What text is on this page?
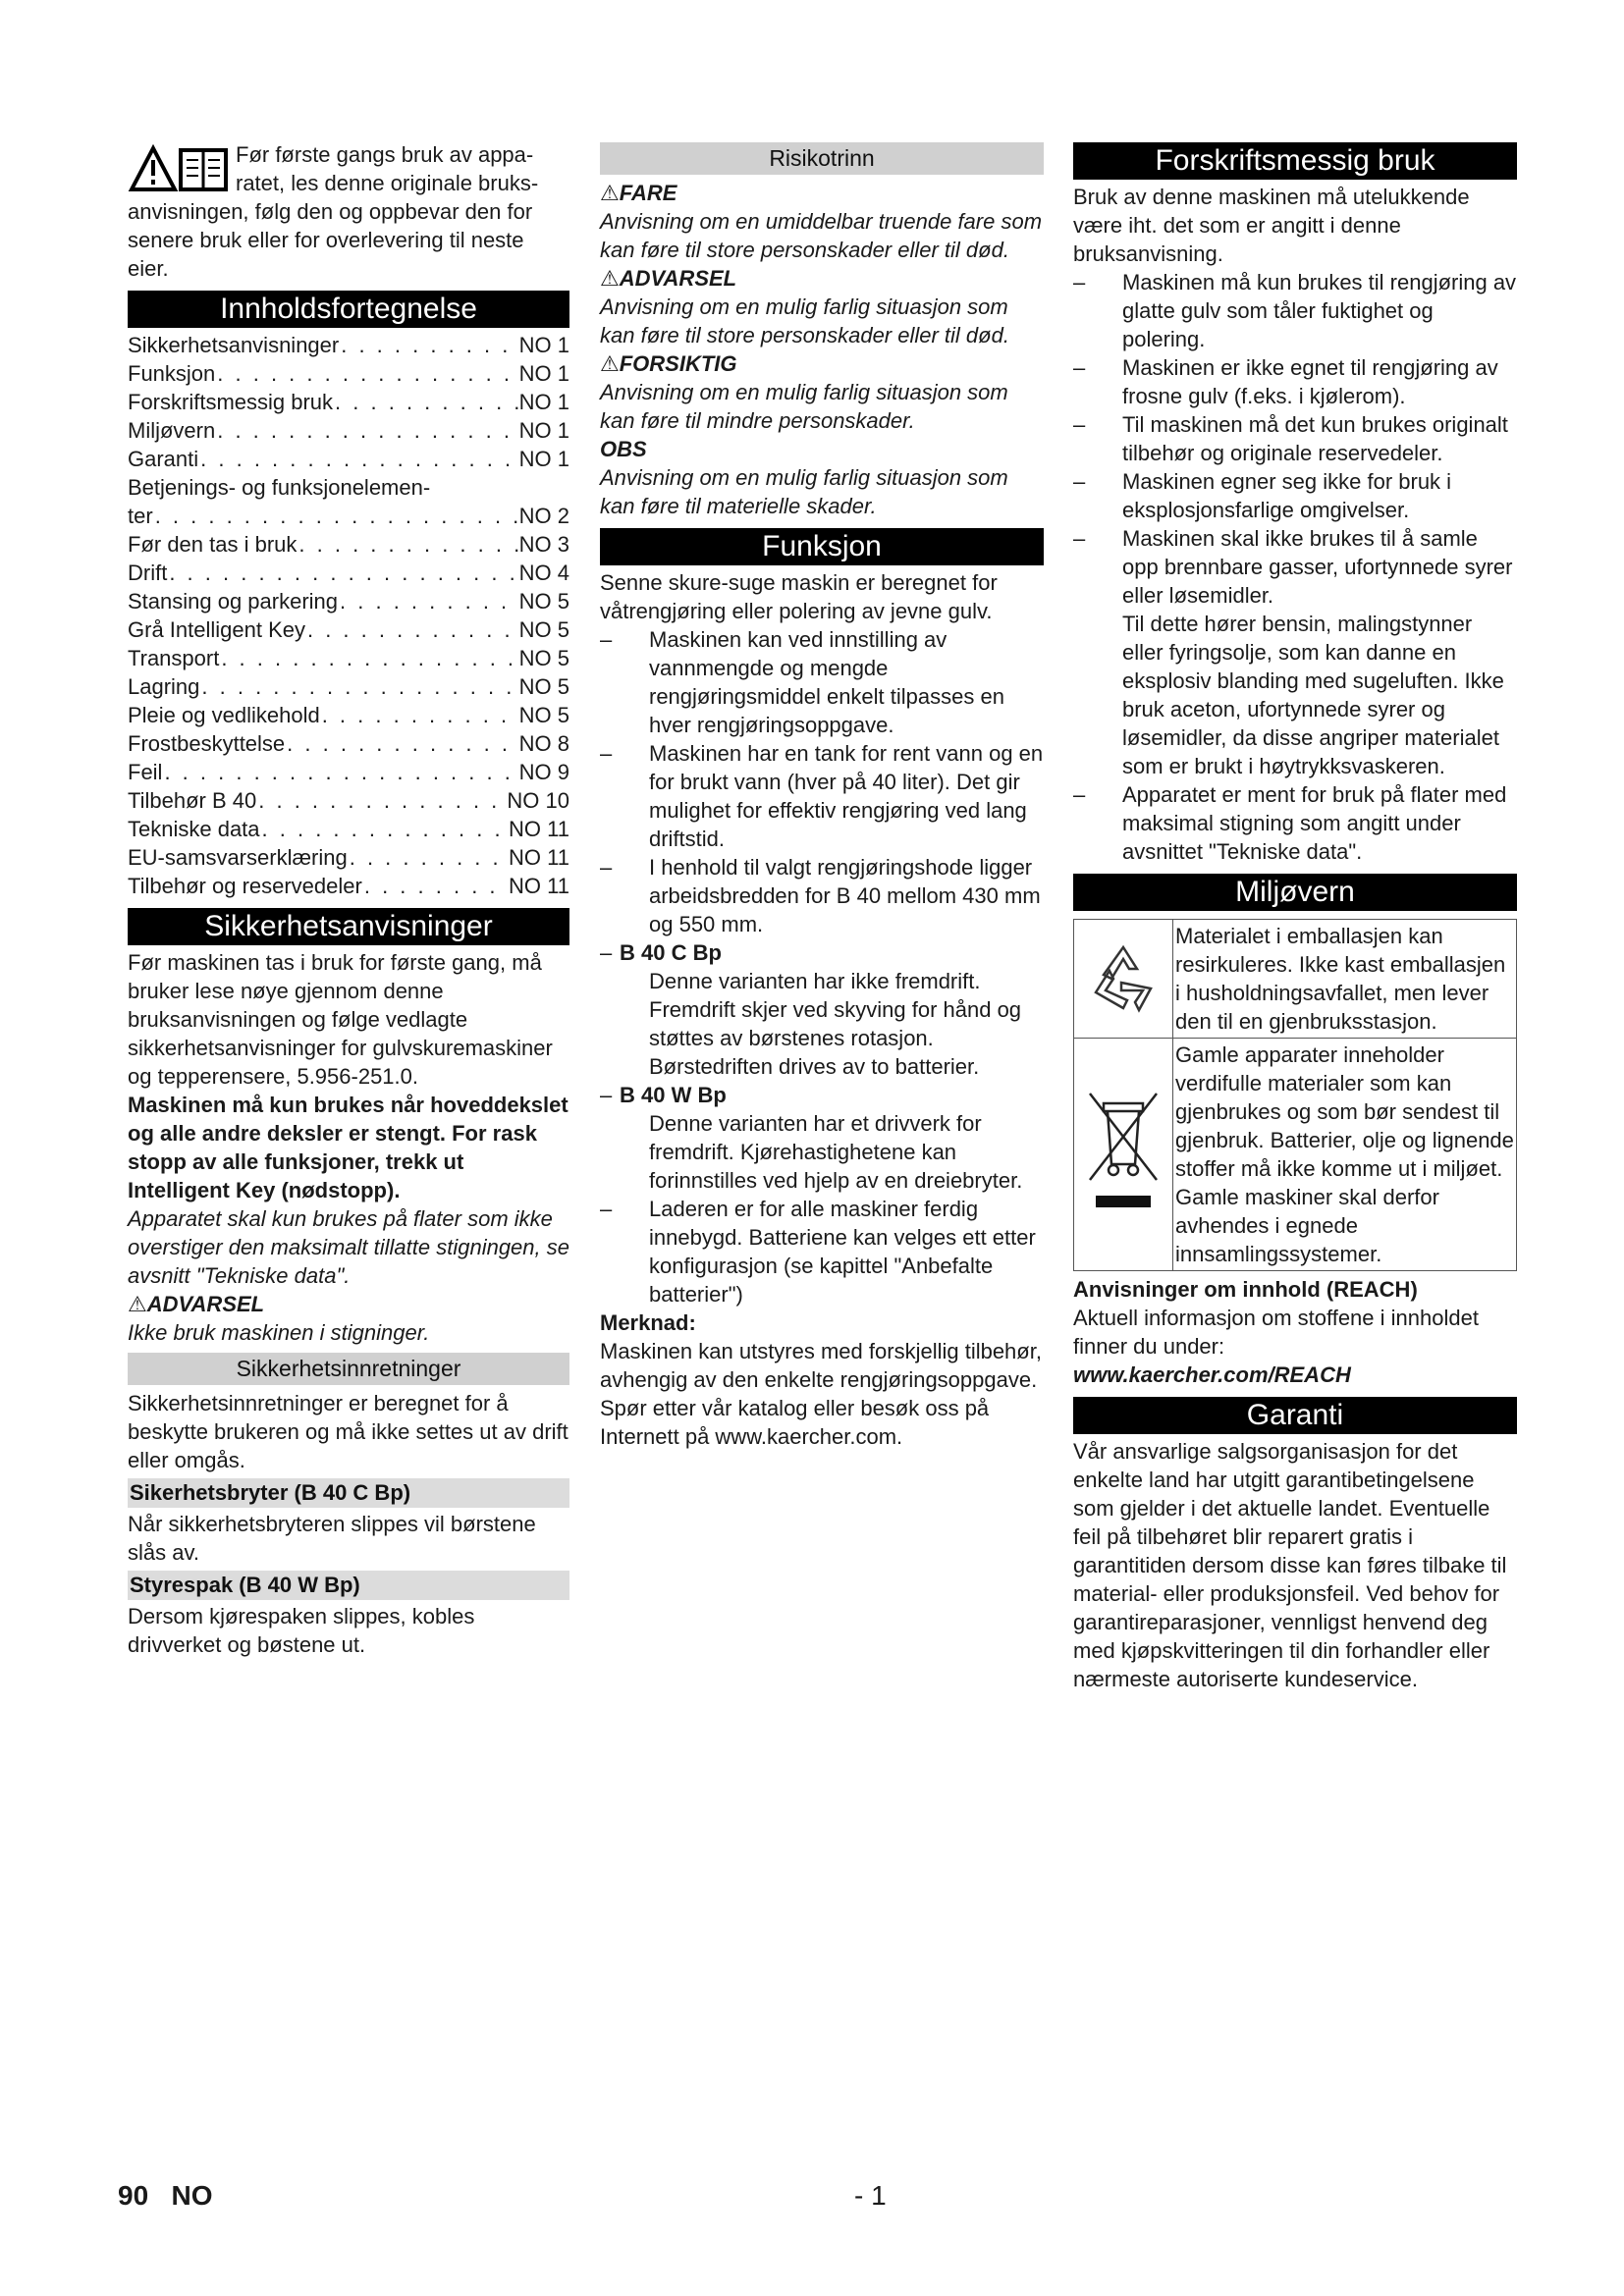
Før første gangs bruk av appa-

ratet, les denne originale bruks-

anvisningen, følg den og oppbevar den for senere bruk eller for overlevering til neste eier.

Innholdsfortegnelse
Sikkerhetsanvisninger . . .	NO 1
Funksjon . . .	NO 1
Forskriftsmessig bruk . . .	NO 1
Miljøvern . . .	NO 1
Garanti . . .	NO 1
Betjenings- og funksjonelemen-
ter . . .	NO 2
Før den tas i bruk . . .	NO 3
Drift . . .	NO 4
Stansing og parkering . . .	NO 5
Grå Intelligent Key . . .	NO 5
Transport . . .	NO 5
Lagring . . .	NO 5
Pleie og vedlikehold . . .	NO 5
Frostbeskyttelse . . .	NO 8
Feil . . .	NO 9
Tilbehør B 40 . . .	NO 10
Tekniske data . . .	NO 11
EU-samsvarserklæring . . .	NO 11
Tilbehør og reservedeler . . .	NO 11
Sikkerhetsanvisninger

Før maskinen tas i bruk for første gang, må bruker lese nøye gjennom denne bruksanvisningen og følge vedlagte sikkerhetsanvisninger for gulvskuremaskiner og tepperensere, 5.956-251.0.

Maskinen må kun brukes når hoveddekslet og alle andre deksler er stengt. For rask stopp av alle funksjoner, trekk ut Intelligent Key (nødstopp).

Apparatet skal kun brukes på flater som ikke overstiger den maksimalt tillatte stigningen, se avsnitt "Tekniske data".

⚠ADVARSEL

Ikke bruk maskinen i stigninger.

Sikkerhetsinnretninger

Sikkerhetsinnretninger er beregnet for å beskytte brukeren og må ikke settes ut av drift eller omgås.

Sikerhetsbryter (B 40 C Bp)

Når sikkerhetsbryteren slippes vil børstene slås av.

Styrespak (B 40 W Bp)

Dersom kjørespaken slippes, kobles drivverket og bøstene ut.

Risikotrinn

⚠FARE

Anvisning om en umiddelbar truende fare som kan føre til store personskader eller til død.

⚠ADVARSEL

Anvisning om en mulig farlig situasjon som kan føre til store personskader eller til død.

⚠FORSIKTIG

Anvisning om en mulig farlig situasjon som kan føre til mindre personskader.

OBS

Anvisning om en mulig farlig situasjon som kan føre til materielle skader.

Funksjon

Senne skure-suge maskin er beregnet for våtrengjøring eller polering av jevne gulv.

– Maskinen kan ved innstilling av vannmengde og mengde rengjøringsmiddel enkelt tilpasses en hver rengjøringsoppgave.
– Maskinen har en tank for rent vann og en for brukt vann (hver på 40 liter). Det gir mulighet for effektiv rengjøring ved lang driftstid.
– I henhold til valgt rengjøringshode ligger arbeidsbredden for B 40 mellom 430 mm og 550 mm.
– B 40 C Bp

Denne varianten har ikke fremdrift. Fremdrift skjer ved skyving for hånd og støttes av børstenes rotasjon. Børstedriften drives av to batterier.

– B 40 W Bp

Denne varianten har et drivverk for fremdrift. Kjørehastighetene kan forinnstilles ved hjelp av en dreiebryter.

– Laderen er for alle maskiner ferdig innebygd. Batteriene kan velges ett etter konfigurasjon (se kapittel "Anbefalte batterier")

Merknad:

Maskinen kan utstyres med forskjellig tilbehør, avhengig av den enkelte rengjøringsoppgave.

Spør etter vår katalog eller besøk oss på Internett på www.kaercher.com.

Forskriftsmessig bruk

Bruk av denne maskinen må utelukkende være iht. det som er angitt i denne bruksanvisning.

– Maskinen må kun brukes til rengjøring av glatte gulv som tåler fuktighet og polering.
– Maskinen er ikke egnet til rengjøring av frosne gulv (f.eks. i kjølerom).
– Til maskinen må det kun brukes originalt tilbehør og originale reservedeler.
– Maskinen egner seg ikke for bruk i eksplosjonsfarlige omgivelser.
– Maskinen skal ikke brukes til å samle opp brennbare gasser, ufortynnede syrer eller løsemidler.

Til dette hører bensin, malingstynner eller fyringsolje, som kan danne en eksplosiv blanding med sugeluften. Ikke bruk aceton, ufortynnede syrer og løsemidler, da disse angriper materialet som er brukt i høytrykksvaskeren.

– Apparatet er ment for bruk på flater med maksimal stigning som angitt under avsnittet "Tekniske data".
Miljøvern
Materialet i emballasjen kan resirkuleres. Ikke kast emballasjen i husholdningsavfallet, men lever den til en gjenbruksstasjon.
Gamle apparater inneholder verdifulle materialer som kan gjenbrukes og som bør sendest til gjenbruk. Batterier, olje og lignende stoffer må ikke komme ut i miljøet. Gamle maskiner skal derfor avhendes i egnede innsamlingssystemer.

Anvisninger om innhold (REACH)

Aktuell informasjon om stoffene i innholdet finner du under:

www.kaercher.com/REACH

Garanti

Vår ansvarlige salgsorganisasjon for det enkelte land har utgitt garantibetingelsene som gjelder i det aktuelle landet. Eventuelle feil på tilbehøret blir reparert gratis i garantitiden dersom disse kan føres tilbake til material- eller produksjonsfeil. Ved behov for garantireparasjoner, vennligst henvend deg med kjøpskvitteringen til din forhandler eller nærmeste autoriserte kundeservice.

90   NO	- 1
